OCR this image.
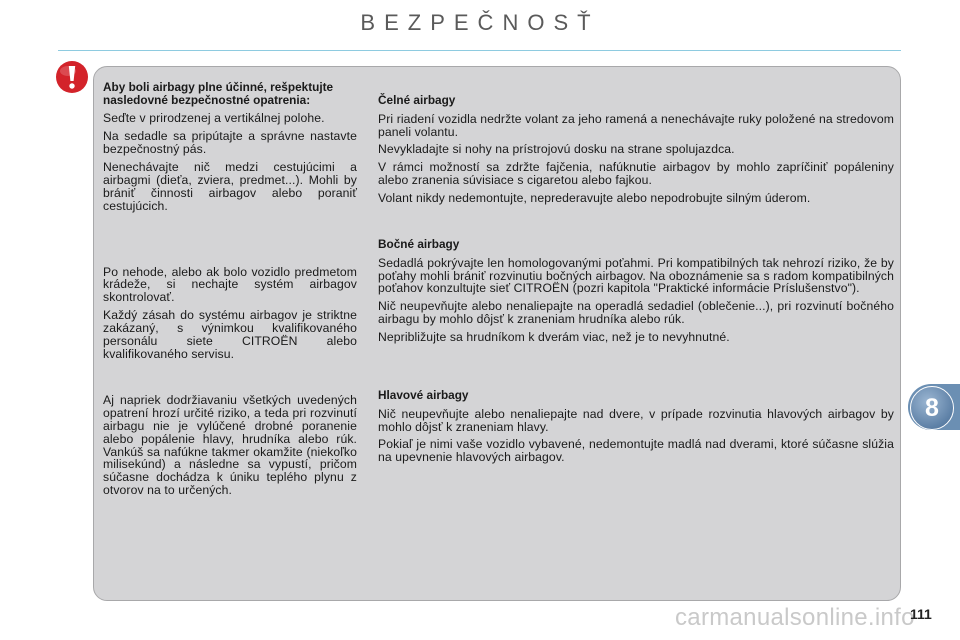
BEZPEČNOSŤ

Aby boli airbagy plne účinné, rešpektujte nasledovné bezpečnostné opatrenia:

Seďte v prirodzenej a vertikálnej polohe.

Na sedadle sa pripútajte a správne nastavte bezpečnostný pás.

Nenechávajte nič medzi cestujúcimi a airbagmi (dieťa, zviera, predmet...). Mohli by brániť činnosti airbagov alebo poraniť cestujúcich.

Po nehode, alebo ak bolo vozidlo predmetom krádeže, si nechajte systém airbagov skontrolovať.

Každý zásah do systému airbagov je striktne zakázaný, s výnimkou kvalifikovaného personálu siete CITROËN alebo kvalifikovaného servisu.

Aj napriek dodržiavaniu všetkých uvedených opatrení hrozí určité riziko, a teda pri rozvinutí airbagu nie je vylúčené drobné poranenie alebo popálenie hlavy, hrudníka alebo rúk. Vankúš sa nafúkne takmer okamžite (niekoľko milisekúnd) a následne sa vypustí, pričom súčasne dochádza k úniku teplého plynu z otvorov na to určených.

Čelné airbagy

Pri riadení vozidla nedržte volant za jeho ramená a nenechávajte ruky položené na stredovom paneli volantu.

Nevykladajte si nohy na prístrojovú dosku na strane spolujazdca.

V rámci možností sa zdržte fajčenia, nafúknutie airbagov by mohlo zapríčiniť popáleniny alebo zranenia súvisiace s cigaretou alebo fajkou.

Volant nikdy nedemontujte, neprederavujte alebo nepodrobujte silným úderom.

Bočné airbagy

Sedadlá pokrývajte len homologovanými poťahmi. Pri kompatibilných tak nehrozí riziko, že by poťahy mohli brániť rozvinutiu bočných airbagov. Na oboznámenie sa s radom kompatibilných poťahov konzultujte sieť CITROËN (pozri kapitola "Praktické informácie Príslušenstvo").

Nič neupevňujte alebo nenaliepajte na operadlá sedadiel (oblečenie...), pri rozvinutí bočného airbagu by mohlo dôjsť k zraneniam hrudníka alebo rúk.

Nepribližujte sa hrudníkom k dverám viac, než je to nevyhnutné.

Hlavové airbagy

Nič neupevňujte alebo nenaliepajte nad dvere, v prípade rozvinutia hlavových airbagov by mohlo dôjsť k zraneniam hlavy.

Pokiaľ je nimi vaše vozidlo vybavené, nedemontujte madlá nad dverami, ktoré súčasne slúžia na upevnenie hlavových airbagov.

8
carmanualsonline.info
111
